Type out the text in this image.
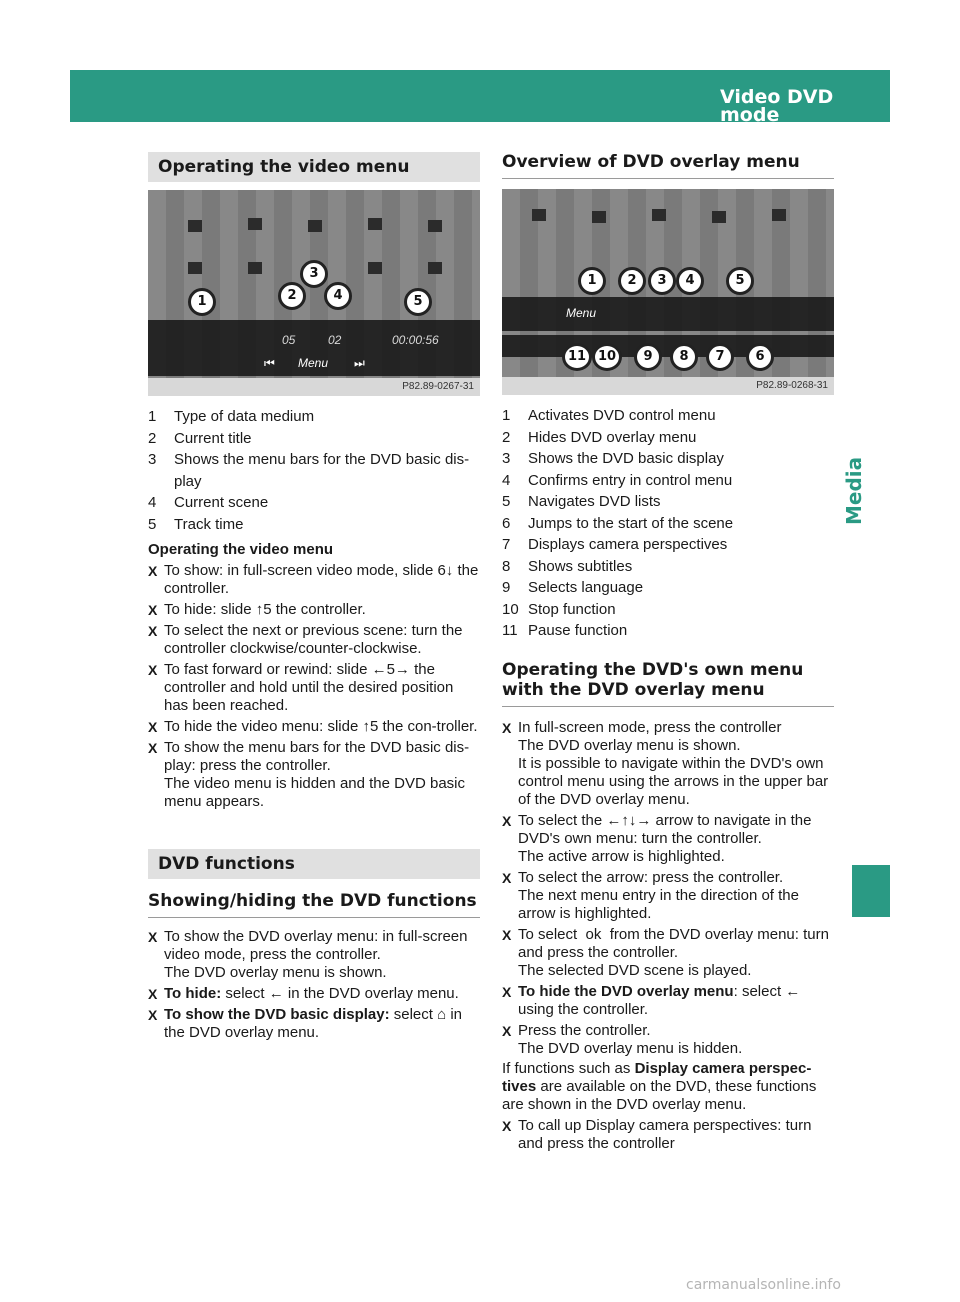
Video DVD mode
159
Media
Operating the video menu
05	02	00:00:56
Menu
⏮	⏭
1	2
3
4	5
P82.89-0267-31
1	Type of data medium
2	Current title
3	Shows the menu bars for the DVD basic dis-play
4	Current scene
5	Track time
Operating the video menu
X To show: in full-screen video mode, slide 6↓ the controller.
X To hide: slide ↑5 the controller.
X To select the next or previous scene: turn the controller clockwise/counter-clockwise.
X To fast forward or rewind: slide ←5→ the controller and hold until the desired position has been reached.
X To hide the video menu: slide ↑5 the con-troller.
X To show the menu bars for the DVD basic dis-play: press the controller.
The video menu is hidden and the DVD basic menu appears.
DVD functions
Showing/hiding the DVD functions
X To show the DVD overlay menu: in full-screen video mode, press the controller.
The DVD overlay menu is shown.
X To hide: select ← in the DVD overlay menu.
X To show the DVD basic display: select ⌂ in the DVD overlay menu.
Overview of DVD overlay menu
Menu
1	2	3	4	5
11 10	9	8	7	6
P82.89-0268-31
1	Activates DVD control menu
2	Hides DVD overlay menu
3	Shows the DVD basic display
4	Confirms entry in control menu
5	Navigates DVD lists
6	Jumps to the start of the scene
7	Displays camera perspectives
8	Shows subtitles
9	Selects language
10 Stop function
11 Pause function
Operating the DVD's own menu with the DVD overlay menu
X In full-screen mode, press the controller
The DVD overlay menu is shown.
It is possible to navigate within the DVD's own control menu using the arrows in the upper bar of the DVD overlay menu.
X To select the ←↑↓→ arrow to navigate in the DVD's own menu: turn the controller.
The active arrow is highlighted.
X To select the arrow: press the controller.
The next menu entry in the direction of the arrow is highlighted.
X To select  ok  from the DVD overlay menu: turn and press the controller.
The selected DVD scene is played.
X To hide the DVD overlay menu: select ← using the controller.
X Press the controller.
The DVD overlay menu is hidden.
If functions such as Display camera perspec-tives are available on the DVD, these functions are shown in the DVD overlay menu.
X To call up Display camera perspectives: turn and press the controller
carmanualsonline.info
